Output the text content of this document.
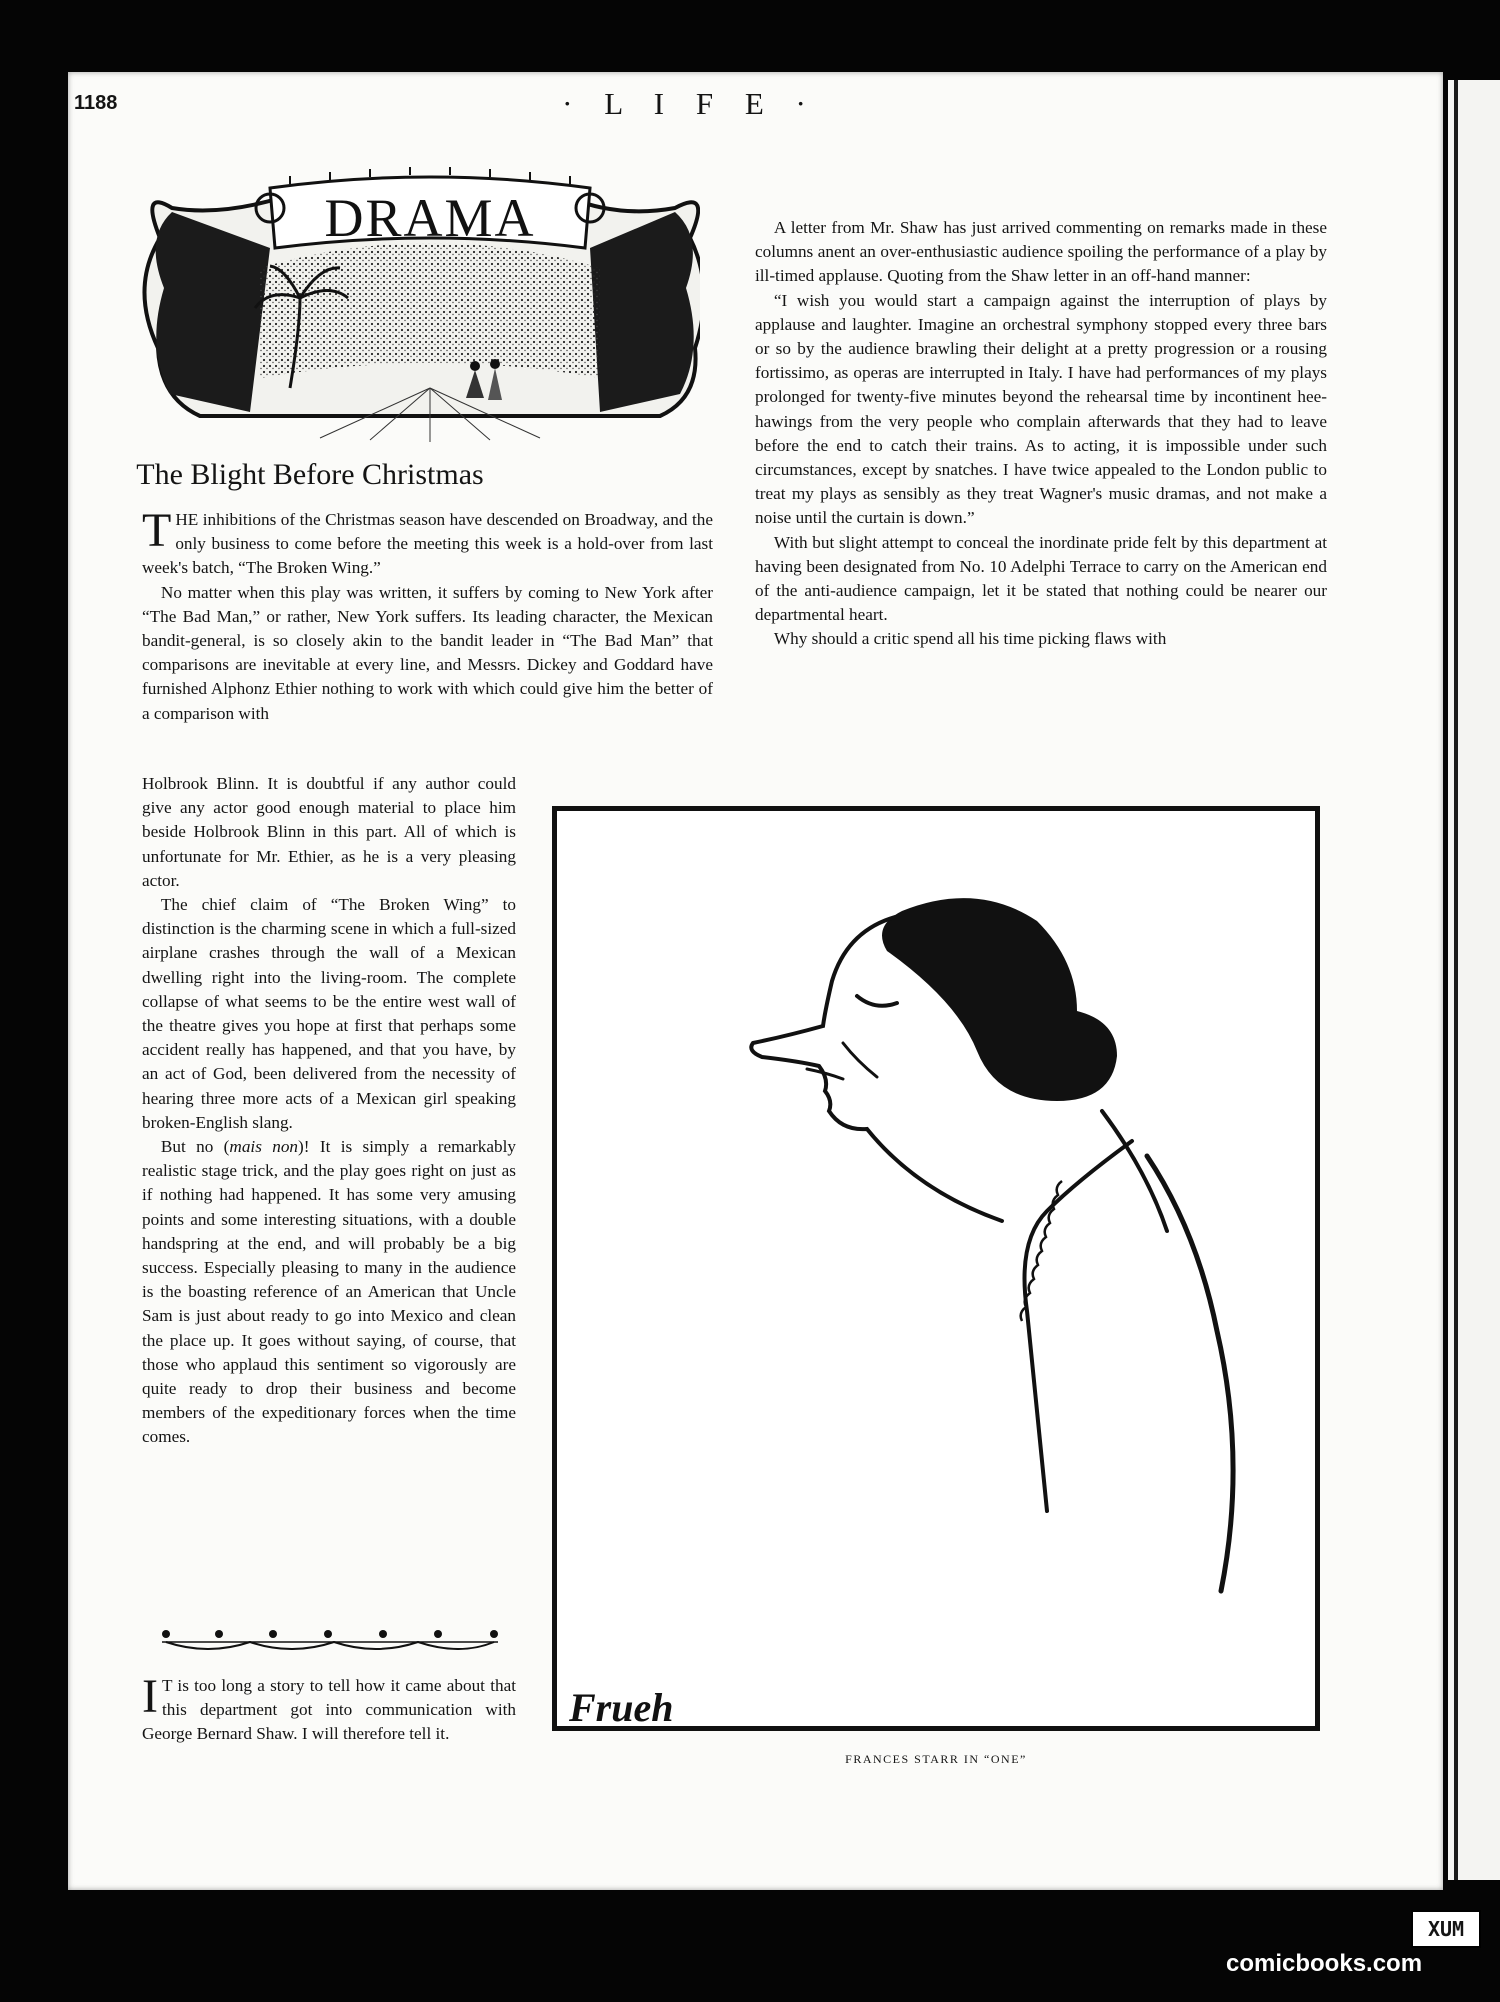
1188	· L I F E ·
DRAMA
The Blight Before Christmas

THE inhibitions of the Christmas season have descended on Broadway, and the only business to come before the meeting this week is a hold-over from last week's batch, “The Broken Wing.”

No matter when this play was written, it suffers by coming to New York after “The Bad Man,” or rather, New York suffers. Its leading character, the Mexican bandit-general, is so closely akin to the bandit leader in “The Bad Man” that comparisons are inevitable at every line, and Messrs. Dickey and Goddard have furnished Alphonz Ethier nothing to work with which could give him the better of a comparison with

Holbrook Blinn. It is doubtful if any author could give any actor good enough material to place him beside Holbrook Blinn in this part. All of which is unfortunate for Mr. Ethier, as he is a very pleasing actor.

The chief claim of “The Broken Wing” to distinction is the charming scene in which a full-sized airplane crashes through the wall of a Mexican dwelling right into the living-room. The complete collapse of what seems to be the entire west wall of the theatre gives you hope at first that perhaps some accident really has happened, and that you have, by an act of God, been delivered from the necessity of hearing three more acts of a Mexican girl speaking broken-English slang.

But no (mais non)! It is simply a remarkably realistic stage trick, and the play goes right on just as if nothing had happened. It has some very amusing points and some interesting situations, with a double handspring at the end, and will probably be a big success. Especially pleasing to many in the audience is the boasting reference of an American that Uncle Sam is just about ready to go into Mexico and clean the place up. It goes without saying, of course, that those who applaud this sentiment so vigorously are quite ready to drop their business and become members of the expeditionary forces when the time comes.

I T is too long a story to tell how it came about that this department got into communication with George Bernard Shaw. I will therefore tell it.

A letter from Mr. Shaw has just arrived commenting on remarks made in these columns anent an over-enthusiastic audience spoiling the performance of a play by ill-timed applause. Quoting from the Shaw letter in an off-hand manner:

“I wish you would start a campaign against the interruption of plays by applause and laughter. Imagine an orchestral symphony stopped every three bars or so by the audience brawling their delight at a pretty progression or a rousing fortissimo, as operas are interrupted in Italy. I have had performances of my plays prolonged for twenty-five minutes beyond the rehearsal time by incontinent hee-hawings from the very people who complain afterwards that they had to leave before the end to catch their trains. As to acting, it is impossible under such circumstances, except by snatches. I have twice appealed to the London public to treat my plays as sensibly as they treat Wagner's music dramas, and not make a noise until the curtain is down.”

With but slight attempt to conceal the inordinate pride felt by this department at having been designated from No. 10 Adelphi Terrace to carry on the American end of the anti-audience campaign, let it be stated that nothing could be nearer our departmental heart.

Why should a critic spend all his time picking flaws with

Frueh
FRANCES STARR IN “ONE”
XUM
comicbooks.com
